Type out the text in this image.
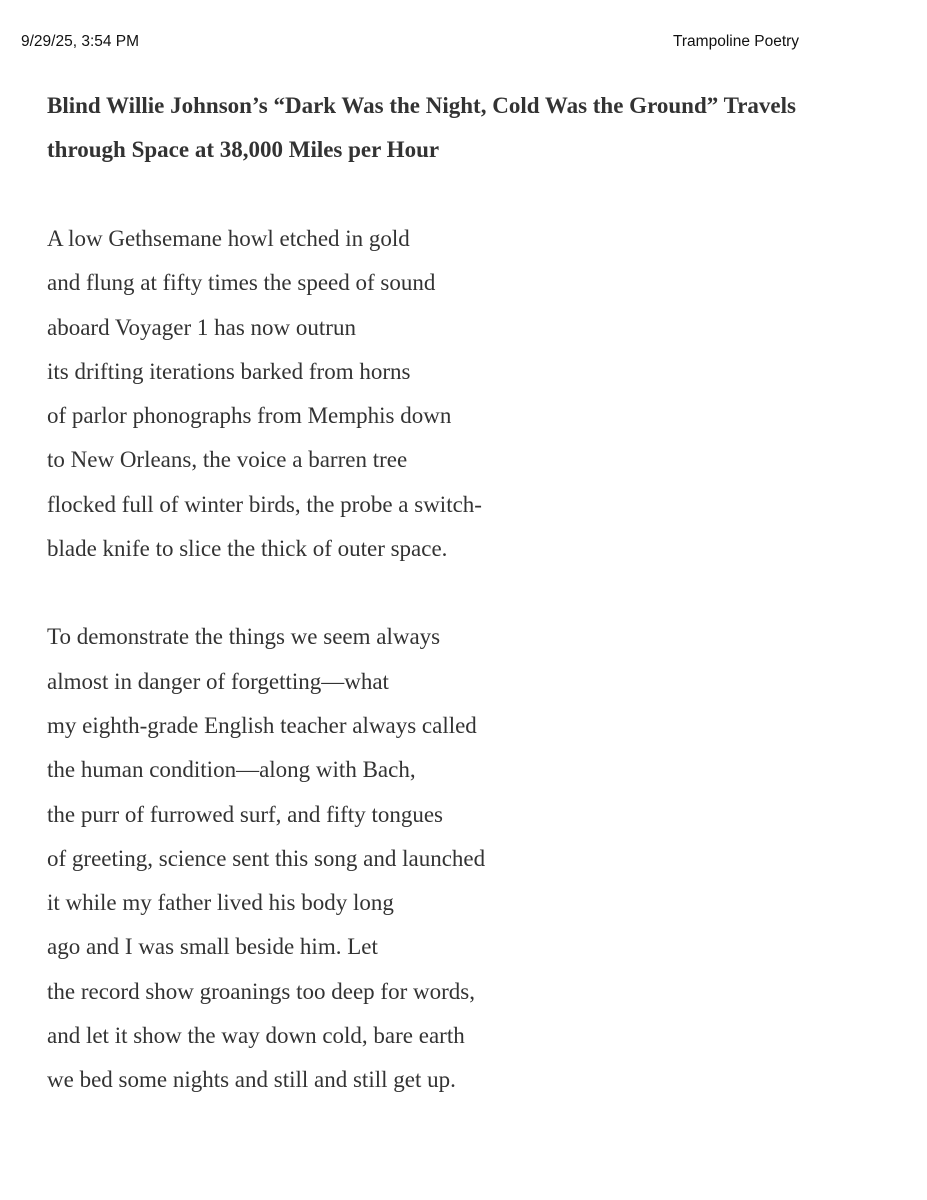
9/29/25, 3:54 PM	Trampoline Poetry
Blind Willie Johnson’s “Dark Was the Night, Cold Was the Ground” Travels
through Space at 38,000 Miles per Hour
A low Gethsemane howl etched in gold
and flung at fifty times the speed of sound
aboard Voyager 1 has now outrun
its drifting iterations barked from horns
of parlor phonographs from Memphis down
to New Orleans, the voice a barren tree
flocked full of winter birds, the probe a switch-
blade knife to slice the thick of outer space.
To demonstrate the things we seem always
almost in danger of forgetting—what
my eighth-grade English teacher always called
the human condition—along with Bach,
the purr of furrowed surf, and fifty tongues
of greeting, science sent this song and launched
it while my father lived his body long
ago and I was small beside him. Let
the record show groanings too deep for words,
and let it show the way down cold, bare earth
we bed some nights and still and still get up.
